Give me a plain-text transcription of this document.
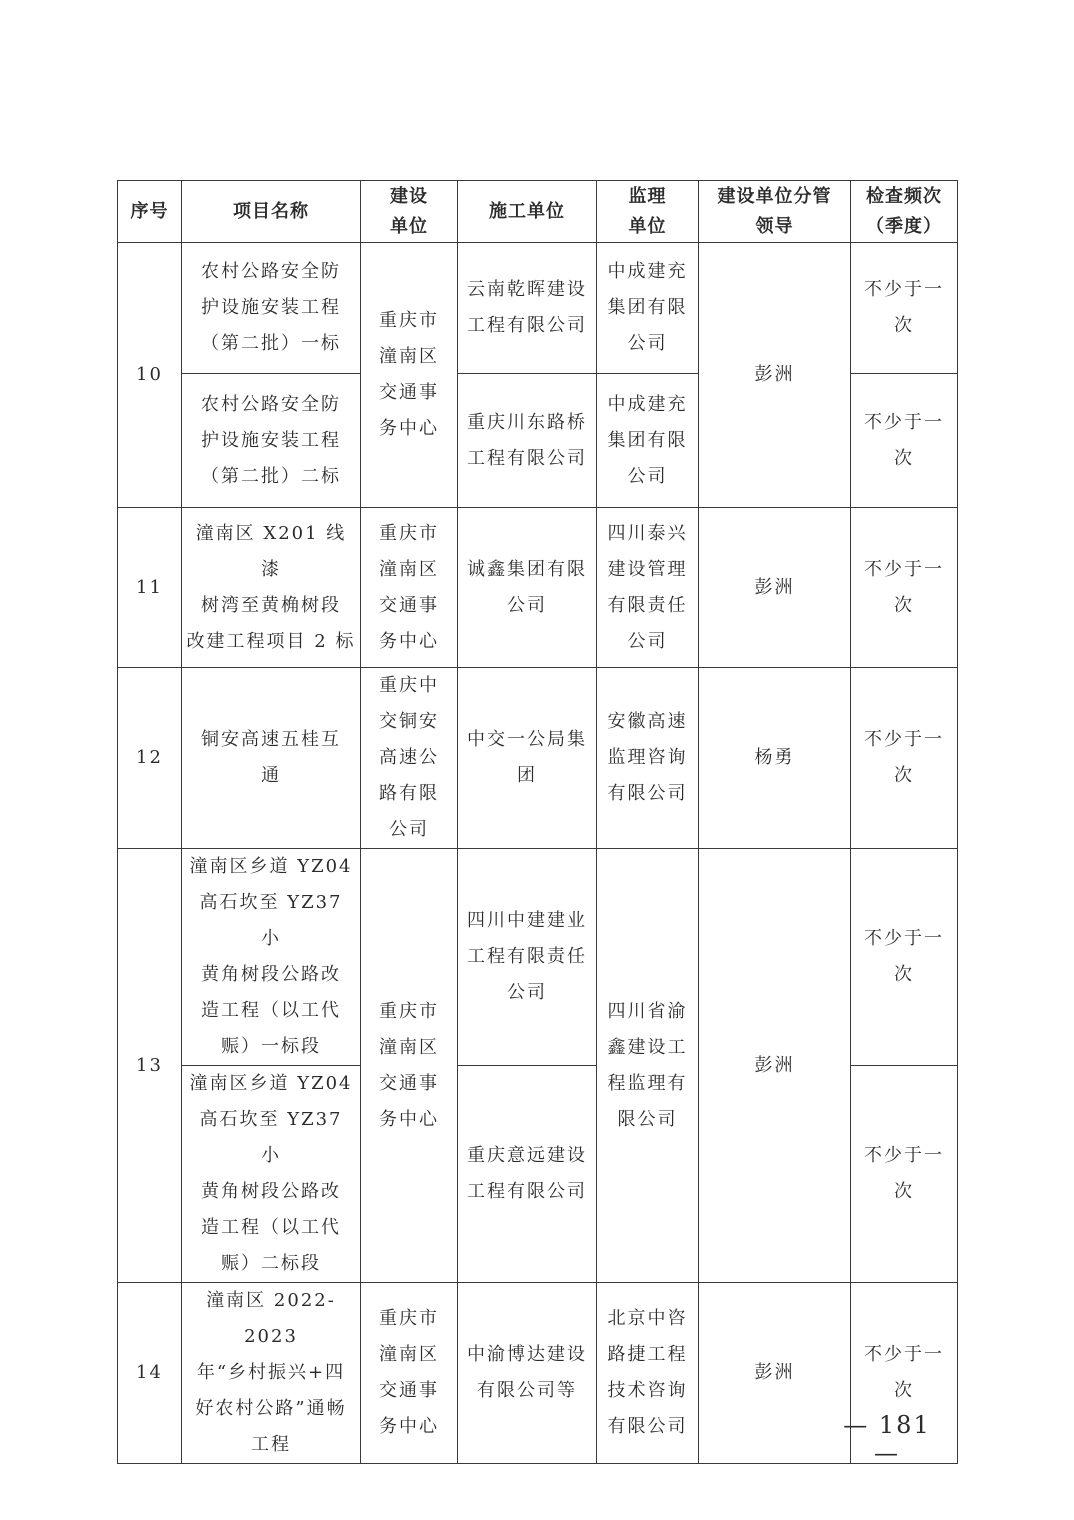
序号	项目名称	建设
单位	施工单位	监理
单位	建设单位分管
领导	检查频次
（季度）

10	农村公路安全防
护设施安装工程
（第二批）一标	重庆市
潼南区
交通事
务中心	云南乾晖建设
工程有限公司	中成建充
集团有限
公司	彭洲	不少于一
次

	农村公路安全防
护设施安装工程
（第二批）二标		重庆川东路桥
工程有限公司	中成建充
集团有限
公司		不少于一
次

11	潼南区 X201 线漆
树湾至黄桷树段
改建工程项目 2 标	重庆市
潼南区
交通事
务中心	诚鑫集团有限
公司	四川泰兴
建设管理
有限责任
公司	彭洲	不少于一
次

12	铜安高速五桂互
通	重庆中
交铜安
高速公
路有限
公司	中交一公局集
团	安徽高速
监理咨询
有限公司	杨勇	不少于一
次

13	潼南区乡道 YZ04
高石坎至 YZ37 小
黄角树段公路改
造工程（以工代
赈）一标段	重庆市
潼南区
交通事
务中心	四川中建建业
工程有限责任
公司	四川省渝
鑫建设工
程监理有
限公司	彭洲	不少于一
次

	潼南区乡道 YZ04
高石坎至 YZ37 小
黄角树段公路改
造工程（以工代
赈）二标段		重庆意远建设
工程有限公司			不少于一
次

14	潼南区 2022-2023
年“乡村振兴+四
好农村公路”通畅
工程	重庆市
潼南区
交通事
务中心	中渝博达建设
有限公司等	北京中咨
路捷工程
技术咨询
有限公司	彭洲	不少于一
次
— 181 —
